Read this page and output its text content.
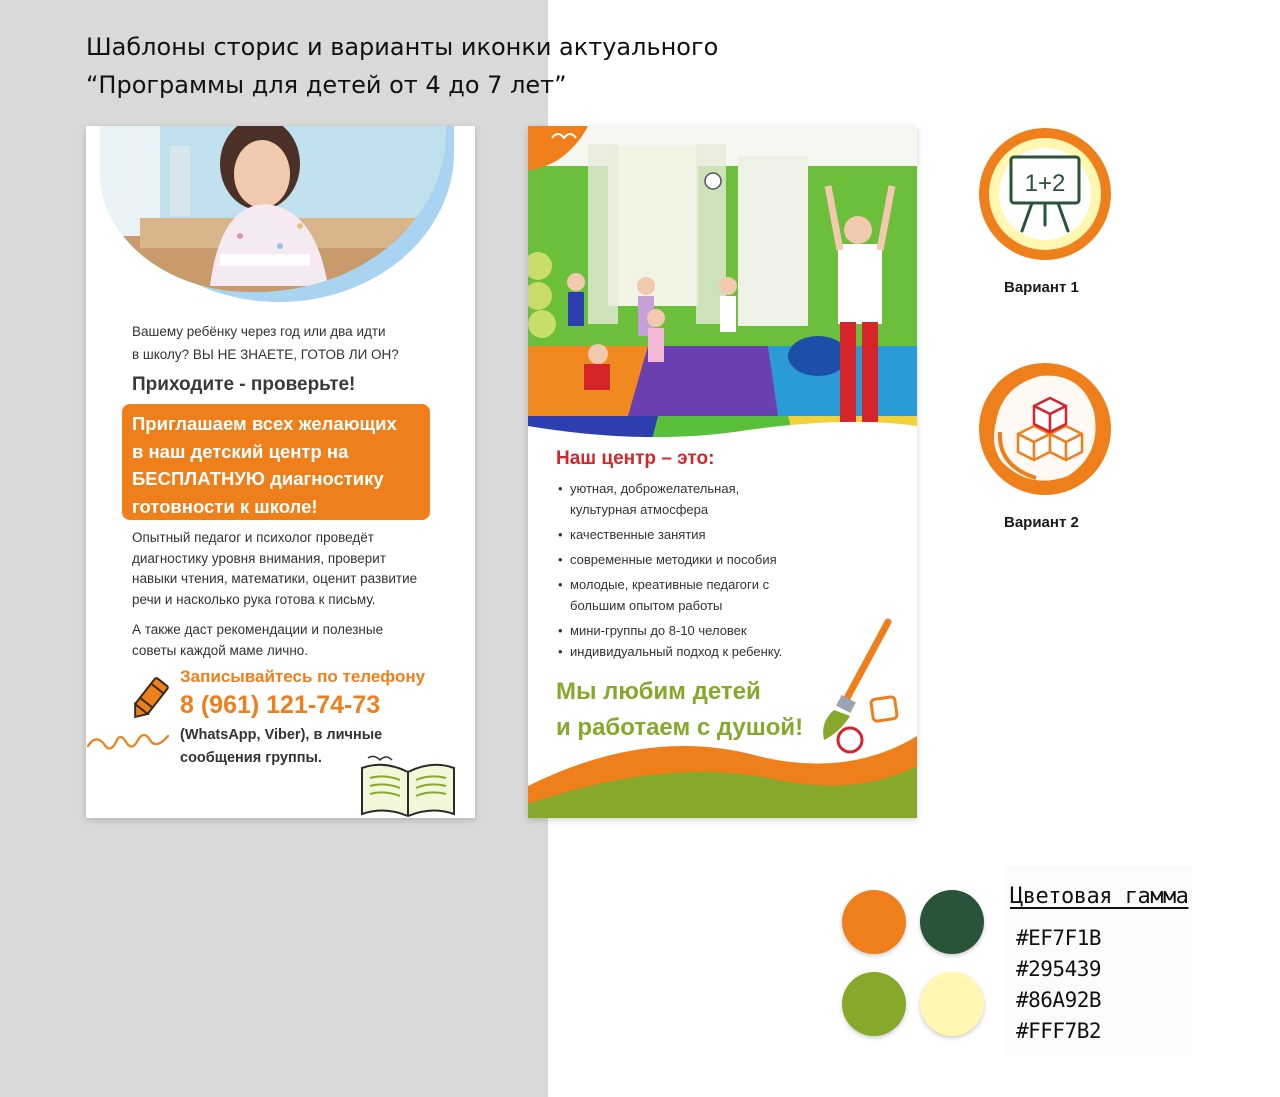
Шаблоны сторис и варианты иконки актуального
“Программы для детей от 4 до 7 лет”
Вашему ребёнку через год или два идти
в школу? ВЫ НЕ ЗНАЕТЕ, ГОТОВ ЛИ ОН?
Приходите - проверьте!
Приглашаем всех желающих
в наш детский центр на
БЕСПЛАТНУЮ диагностику
готовности к школе!
Опытный педагог и психолог проведёт
диагностику уровня внимания, проверит
навыки чтения, математики, оценит развитие
речи и насколько рука готова к письму.
А также даст рекомендации и полезные
советы каждой маме лично.
Записывайтесь по телефону
8 (961) 121-74-73
(WhatsApp, Viber), в личные
сообщения группы.
Наш центр – это:
• уютная, доброжелательная,
культурная атмосфера
• качественные занятия
• современные методики и пособия
• молодые, креативные педагоги с
большим опытом работы
• мини-группы до 8-10 человек
• индивидуальный подход к ребенку.
Мы любим детей
и работаем с душой!
1+2
Вариант 1
Вариант 2
Цветовая гамма
#EF7F1B
#295439
#86A92B
#FFF7B2
